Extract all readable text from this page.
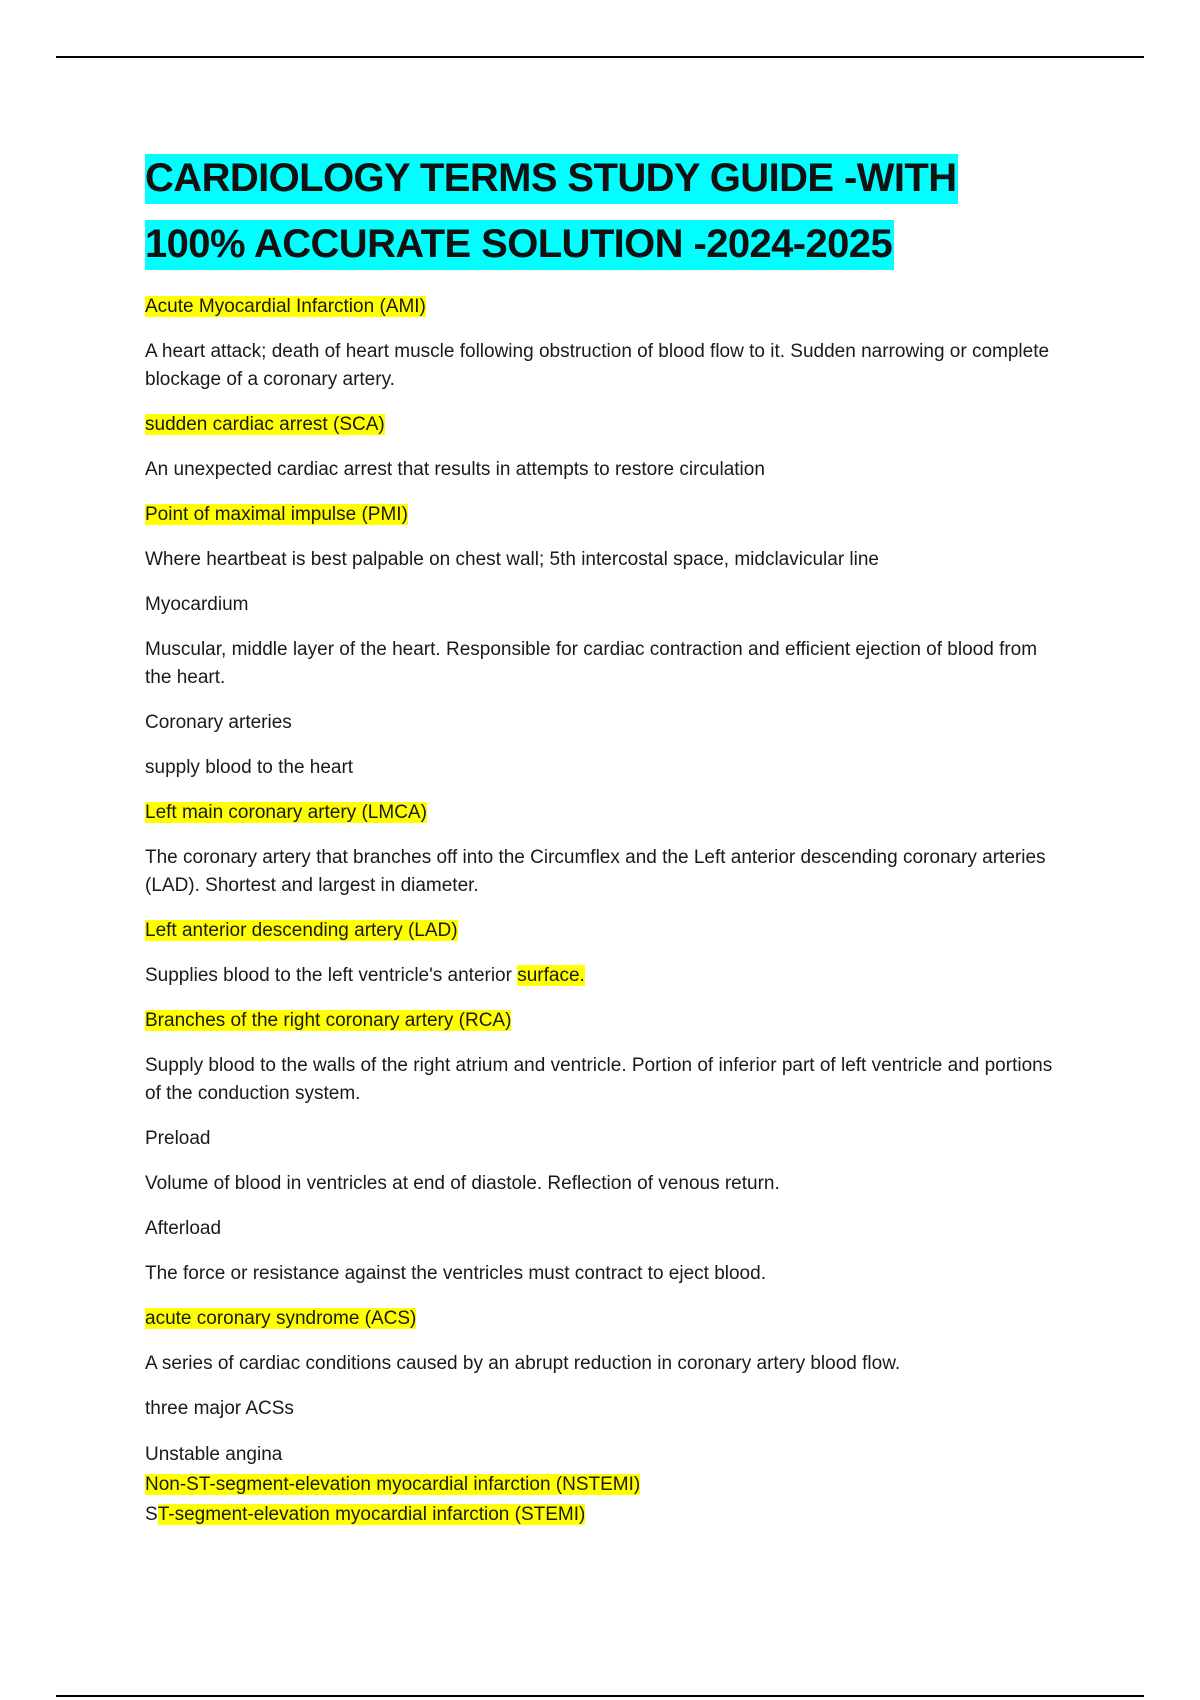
CARDIOLOGY TERMS STUDY GUIDE -WITH
100% ACCURATE SOLUTION -2024-2025

Acute Myocardial Infarction (AMI)

A heart attack; death of heart muscle following obstruction of blood flow to it. Sudden narrowing or complete blockage of a coronary artery.

sudden cardiac arrest (SCA)

An unexpected cardiac arrest that results in attempts to restore circulation

Point of maximal impulse (PMI)

Where heartbeat is best palpable on chest wall; 5th intercostal space, midclavicular line

Myocardium

Muscular, middle layer of the heart. Responsible for cardiac contraction and efficient ejection of blood from the heart.

Coronary arteries

supply blood to the heart

Left main coronary artery (LMCA)

The coronary artery that branches off into the Circumflex and the Left anterior descending coronary arteries (LAD). Shortest and largest in diameter.

Left anterior descending artery (LAD)

Supplies blood to the left ventricle's anterior surface.

Branches of the right coronary artery (RCA)

Supply blood to the walls of the right atrium and ventricle. Portion of inferior part of left ventricle and portions of the conduction system.

Preload

Volume of blood in ventricles at end of diastole. Reflection of venous return.

Afterload

The force or resistance against the ventricles must contract to eject blood.

acute coronary syndrome (ACS)

A series of cardiac conditions caused by an abrupt reduction in coronary artery blood flow.

three major ACSs

Unstable angina

Non-ST-segment-elevation myocardial infarction (NSTEMI)

ST-segment-elevation myocardial infarction (STEMI)
